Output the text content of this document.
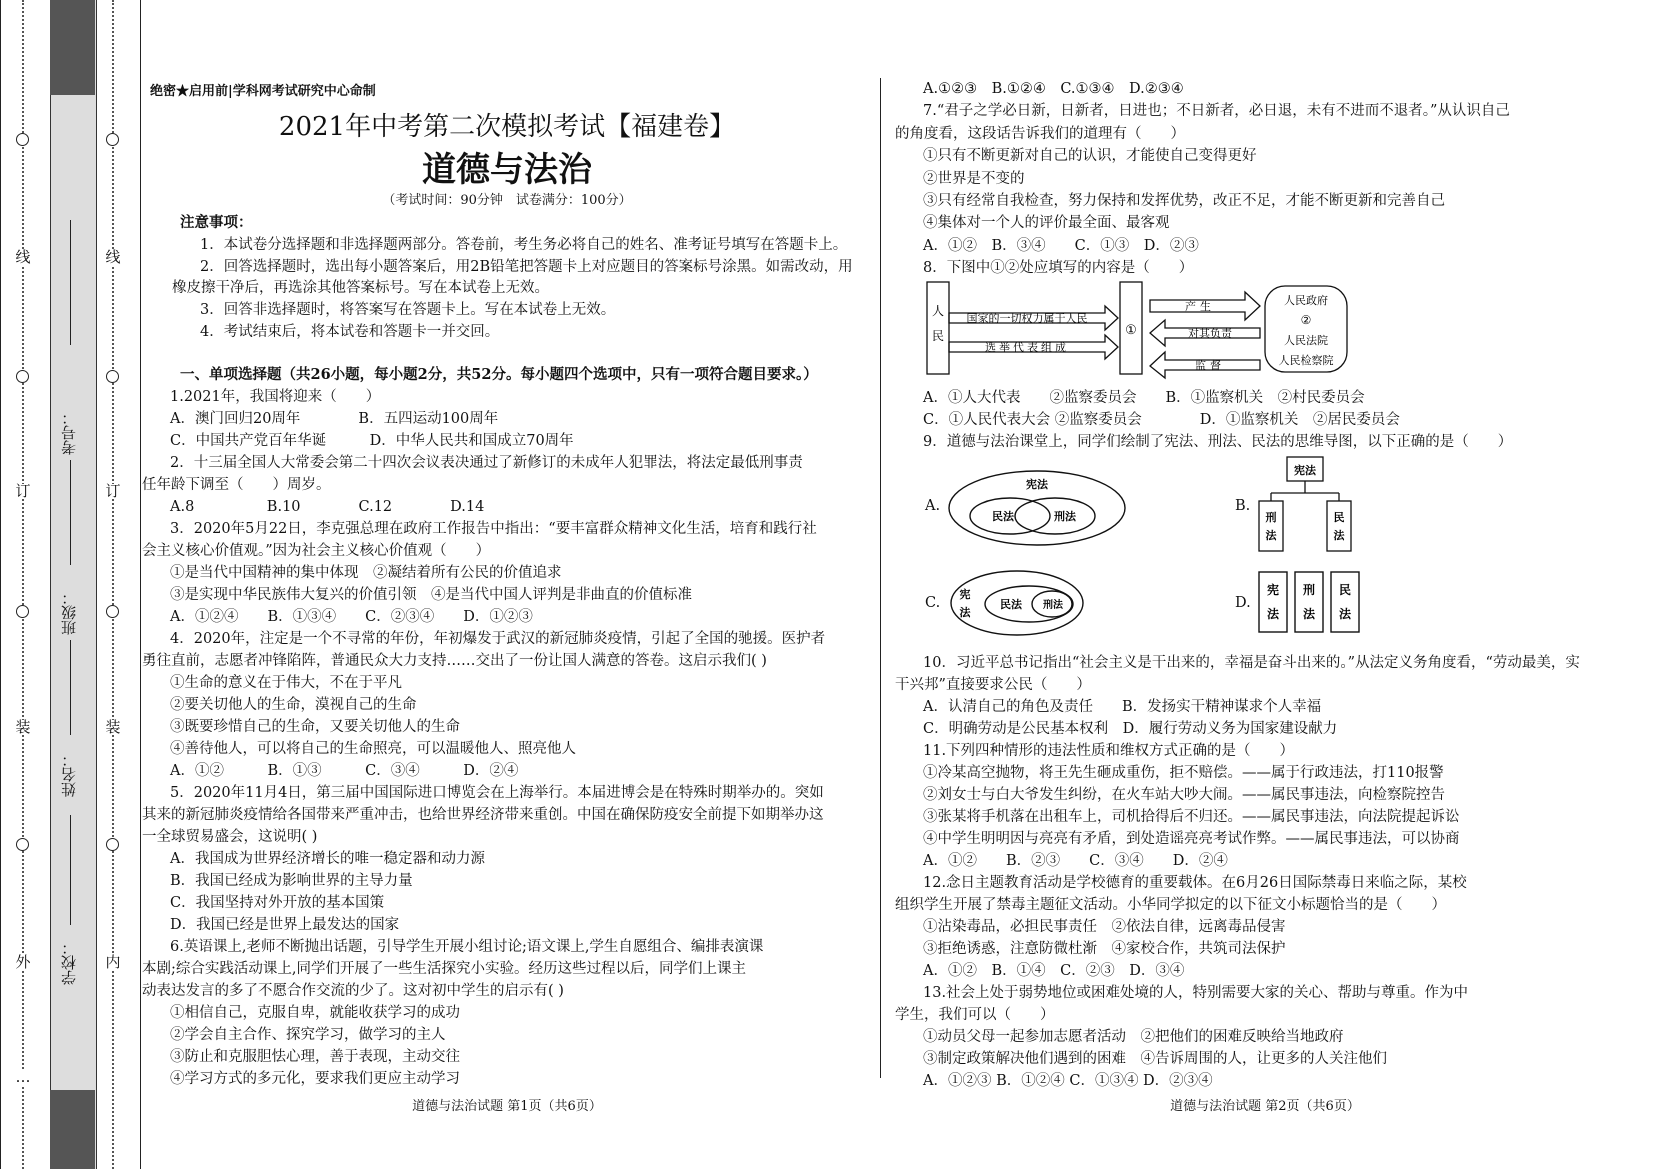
线
订
装
外
…
线
订
装
内
考号：
班级：
姓名：
学校：
绝密★启用前|学科网考试研究中心命制
2021年中考第二次模拟考试【福建卷】
道德与法治
（考试时间：90分钟　试卷满分：100分）
注意事项：
1．本试卷分选择题和非选择题两部分。答卷前，考生务必将自己的姓名、准考证号填写在答题卡上。
2．回答选择题时，选出每小题答案后，用2B铅笔把答题卡上对应题目的答案标号涂黑。如需改动，用
橡皮擦干净后，再选涂其他答案标号。写在本试卷上无效。
3．回答非选择题时，将答案写在答题卡上。写在本试卷上无效。
4．考试结束后，将本试卷和答题卡一并交回。
一、单项选择题（共26小题，每小题2分，共52分。每小题四个选项中，只有一项符合题目要求。）
1.2021年，我国将迎来（　　）
A．澳门回归20周年　　　　B．五四运动100周年
C．中国共产党百年华诞　　　D．中华人民共和国成立70周年
2．十三届全国人大常委会第二十四次会议表决通过了新修订的未成年人犯罪法，将法定最低刑事责
任年龄下调至（　　）周岁。
A.8　　　　　B.10　　　　C.12　　　　D.14
3．2020年5月22日，李克强总理在政府工作报告中指出：“要丰富群众精神文化生活，培育和践行社
会主义核心价值观。”因为社会主义核心价值观（　　）
①是当代中国精神的集中体现　②凝结着所有公民的价值追求
③是实现中华民族伟大复兴的价值引领　④是当代中国人评判是非曲直的价值标准
A．①②④　　B．①③④　　C．②③④　　D．①②③
4．2020年，注定是一个不寻常的年份，年初爆发于武汉的新冠肺炎疫情，引起了全国的驰援。医护者
勇往直前，志愿者冲锋陷阵，普通民众大力支持……交出了一份让国人满意的答卷。这启示我们( )
①生命的意义在于伟大，不在于平凡
②要关切他人的生命，漠视自己的生命
③既要珍惜自己的生命，又要关切他人的生命
④善待他人，可以将自己的生命照亮，可以温暖他人、照亮他人
A．①②　　　B．①③　　　C．③④　　　D．②④
5．2020年11月4日，第三届中国国际进口博览会在上海举行。本届进博会是在特殊时期举办的。突如
其来的新冠肺炎疫情给各国带来严重冲击，也给世界经济带来重创。中国在确保防疫安全前提下如期举办这
一全球贸易盛会，这说明( )
A．我国成为世界经济增长的唯一稳定器和动力源
B．我国已经成为影响世界的主导力量
C．我国坚持对外开放的基本国策
D．我国已经是世界上最发达的国家
6.英语课上,老师不断抛出话题，引导学生开展小组讨论;语文课上,学生自愿组合、编排表演课
本剧;综合实践活动课上,同学们开展了一些生活探究小实验。经历这些过程以后，同学们上课主
动表达发言的多了不愿合作交流的少了。这对初中学生的启示有( )
①相信自己，克服自卑，就能收获学习的成功
②学会自主合作、探究学习，做学习的主人
③防止和克服胆怯心理，善于表现，主动交往
④学习方式的多元化，要求我们更应主动学习
道德与法治试题 第1页（共6页）
A.①②③　B.①②④　C.①③④　D.②③④
7.“君子之学必日新，日新者，日进也；不日新者，必日退，未有不进而不退者。”从认识自己
的角度看，这段话告诉我们的道理有（　　）
①只有不断更新对自己的认识，才能使自己变得更好
②世界是不变的
③只有经常自我检查，努力保持和发挥优势，改正不足，才能不断更新和完善自己
④集体对一个人的评价最全面、最客观
A．①②　B．③④　　C．①③　D．②③
8．下图中①②处应填写的内容是（　　）
人
民
国家的一切权力属于人民
选举代表组成
①
产生
对其负责
监督
人民政府
②
人民法院
人民检察院
A．①人大代表　　②监察委员会　　B．①监察机关　②村民委员会
C．①人民代表大会 ②监察委员会　　　　D．①监察机关　②居民委员会
9．道德与法治课堂上，同学们绘制了宪法、刑法、民法的思维导图，以下正确的是（　　）
A.
宪法
民法	刑法
B.
宪法
刑
法
民
法
C.
宪
法
民法 刑法	D.
宪
法
刑
法
民
法
10．习近平总书记指出“社会主义是干出来的，幸福是奋斗出来的。”从法定义务角度看，“劳动最美，实
干兴邦”直接要求公民（　　）
A．认清自己的角色及责任　　B．发扬实干精神谋求个人幸福
C．明确劳动是公民基本权利　D．履行劳动义务为国家建设献力
11.下列四种情形的违法性质和维权方式正确的是（　　）
①冷某高空抛物，将王先生砸成重伤，拒不赔偿。——属于行政违法，打110报警
②刘女士与白大爷发生纠纷，在火车站大吵大闹。——属民事违法，向检察院控告
③张某将手机落在出租车上，司机拾得后不归还。——属民事违法，向法院提起诉讼
④中学生明明因与亮亮有矛盾，到处造谣亮亮考试作弊。——属民事违法，可以协商
A．①②　　B．②③　　C．③④　　D．②④
12.念日主题教育活动是学校德育的重要载体。在6月26日国际禁毒日来临之际，某校
组织学生开展了禁毒主题征文活动。小华同学拟定的以下征文小标题恰当的是（　　）
①沾染毒品，必担民事责任　②依法自律，远离毒品侵害
③拒绝诱惑，注意防微杜渐　④家校合作，共筑司法保护
A．①②　B．①④　C．②③　D．③④
13.社会上处于弱势地位或困难处境的人，特别需要大家的关心、帮助与尊重。作为中
学生，我们可以（　　）
①动员父母一起参加志愿者活动　②把他们的困难反映给当地政府
③制定政策解决他们遇到的困难　④告诉周围的人，让更多的人关注他们
A．①②③ B．①②④ C．①③④ D．②③④
道德与法治试题 第2页（共6页）
